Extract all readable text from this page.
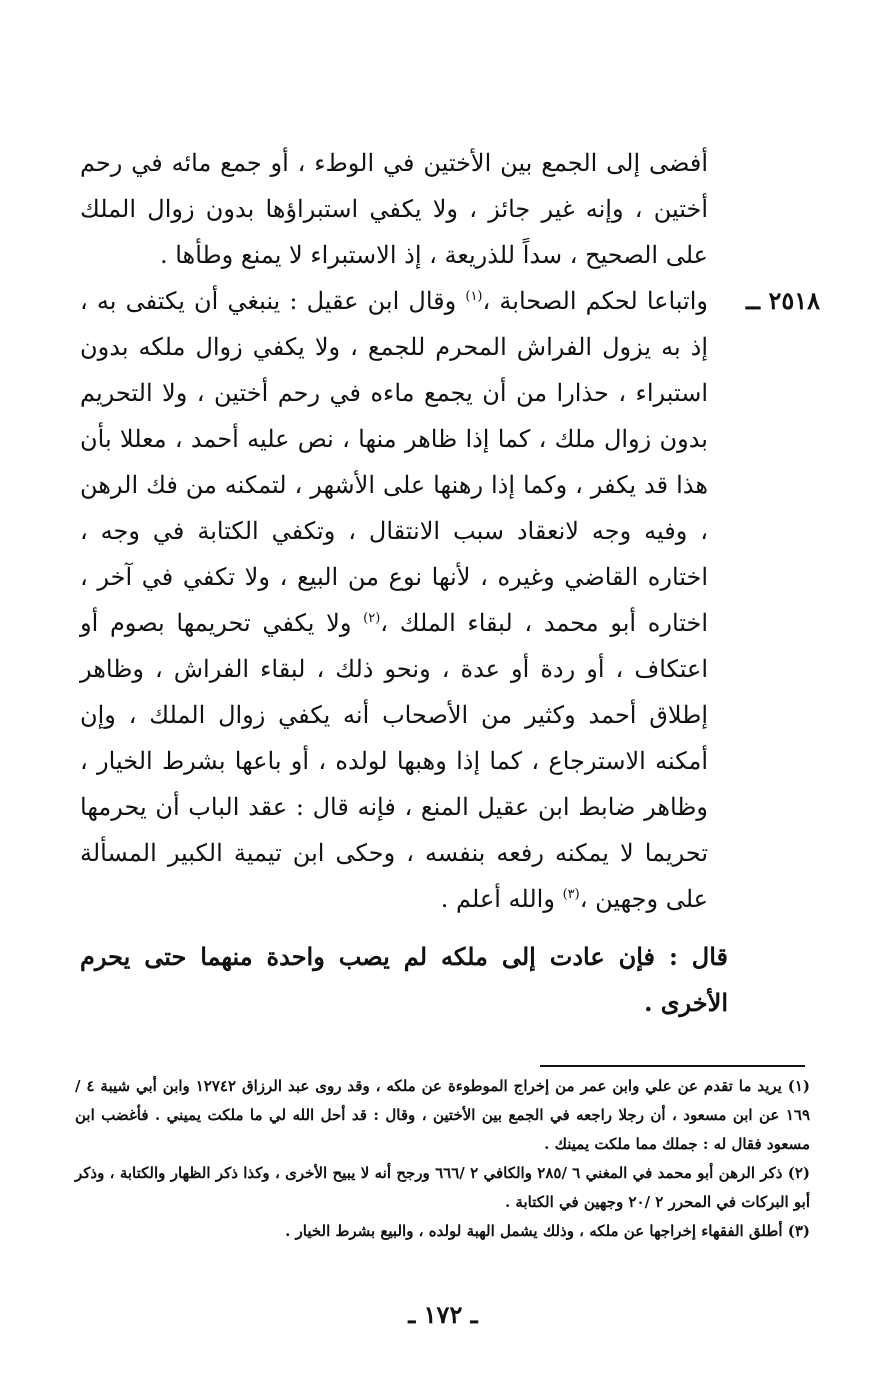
أفضى إلى الجمع بين الأختين في الوطء ، أو جمع مائه في رحم أختين ، وإنه غير جائز ، ولا يكفي استبراؤها بدون زوال الملك على الصحيح ، سداً للذريعة ، إذ الاستبراء لا يمنع وطأها .

٢٥١٨ ــ
واتباعا لحكم الصحابة ،$^{(١)}$ وقال ابن عقيل : ينبغي أن يكتفى به ، إذ به يزول الفراش المحرم للجمع ، ولا يكفي زوال ملكه بدون استبراء ، حذارا من أن يجمع ماءه في رحم أختين ، ولا التحريم بدون زوال ملك ، كما إذا ظاهر منها ، نص عليه أحمد ، معللا بأن هذا قد يكفر ، وكما إذا رهنها على الأشهر ، لتمكنه من فك الرهن ، وفيه وجه لانعقاد سبب الانتقال ، وتكفي الكتابة في وجه ، اختاره القاضي وغيره ، لأنها نوع من البيع ، ولا تكفي في آخر ، اختاره أبو محمد ، لبقاء الملك ،$^{(٢)}$ ولا يكفي تحريمها بصوم أو اعتكاف ، أو ردة أو عدة ، ونحو ذلك ، لبقاء الفراش ، وظاهر إطلاق أحمد وكثير من الأصحاب أنه يكفي زوال الملك ، وإن أمكنه الاسترجاع ، كما إذا وهبها لولده ، أو باعها بشرط الخيار ، وظاهر ضابط ابن عقيل المنع ، فإنه قال : عقد الباب أن يحرمها تحريما لا يمكنه رفعه بنفسه ، وحكى ابن تيمية الكبير المسألة على وجهين ،$^{(٣)}$ والله أعلم .

قال : فإن عادت إلى ملكه لم يصب واحدة منهما حتى يحرم الأخرى .

(١) يريد ما تقدم عن علي وابن عمر من إخراج الموطوءة عن ملكه ، وقد روى عبد الرزاق ١٢٧٤٢ وابن أبي شيبة ٤ /١٦٩ عن ابن مسعود ، أن رجلا راجعه في الجمع بين الأختين ، وقال : قد أحل الله لي ما ملكت يميني . فأغضب ابن مسعود فقال له : جملك مما ملكت يمينك .

(٢) ذكر الرهن أبو محمد في المغني ٦ /٢٨٥ والكافي ٢ /٦٦٦ ورجح أنه لا يبيح الأخرى ، وكذا ذكر الظهار والكتابة ، وذكر أبو البركات في المحرر ٢ /٢٠ وجهين في الكتابة .

(٣) أطلق الفقهاء إخراجها عن ملكه ، وذلك يشمل الهبة لولده ، والبيع بشرط الخيار .

ـ ١٧٢ ـ
